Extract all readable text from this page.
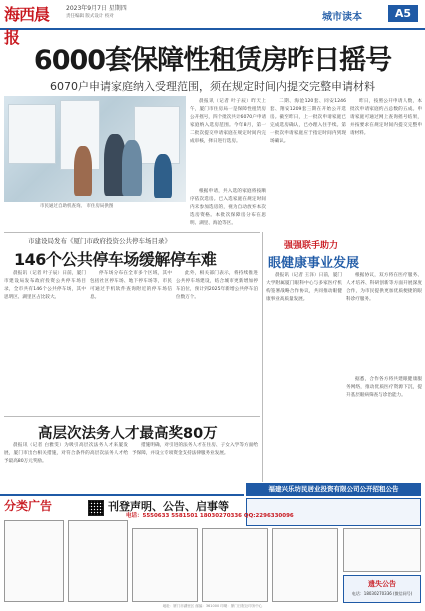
海西晨报
2023年9月7日 星期四
责任编辑 版式设计 校对	城市读本	A5
6000套保障性租赁房昨日摇号
6070户申请家庭纳入受理范围，须在规定时间内提交完整申请材料
市民通过自助机查询。 市住房局供图

晨报讯（记者 叶子辰）昨天上午，厦门市住房局一是保障性租赁房公开摇号，四个批次共计6070户申请家庭纳入选房范围。今年8月，第一二批次提交申请家庭在规定时间内完成审核，择日进行选房。

二期、海沧120套、同安1246套、翔安1209套三期在开始公开选房。截至昨日，上一批次申请家庭已完成选房确认，已办理入住手续。第一批次申请家庭应于指定时间内到现场确认。

昨日，按照公开申请人数，本批次申请家庭约占总数的五成。申请家庭可通过网上查询摇号结果，并按要求在规定时间内提交完整申请材料。

根据申请，共入选的家庭将按顺序依次选房。已入选家庭在规定时间内未参加选房的，视为自动放弃本次选房资格。本批次保障房分布在思明、湖里、海沧等区。

市建设局发布《厦门市政府投资公共停车场目录》
146个公共停车场缓解停车难

晨报讯（记者 叶子辰）日前，厦门市建设局发布政府投资公共停车场目录，全市共有146个公共停车场，其中思明区、湖里区占比较大。

停车场分布在全市多个区域，其中包括社区停车场、地下停车场等，市民可通过手机软件查询附近的停车场信息。

此外，相关部门表示，将持续推进公共停车场建设，结合城市更新增加停车泊位，预计到2025年新增公共停车泊位数万个。

强强联手助力
眼健康事业发展

晨报讯（记者 王泽）日前，厦门大学附属厦门眼科中心与多家医疗机构签署战略合作协议，共同推动眼健康事业高质量发展。

根据协议，双方将在医疗服务、人才培养、科研创新等方面开展深度合作，为市民提供更加优质便捷的眼科诊疗服务。

据悉，合作各方将共建眼健康服务网络，推动优质医疗资源下沉，提升基层眼病筛查与诊治能力。

高层次法务人才最高奖80万

晨报讯（记者 白雅雯）为吸引高层次法务人才来厦发展，厦门市出台相关措施，对符合条件的高层次法务人才给予最高80万元奖励。

措施明确，对引进的法务人才在住房、子女入学等方面给予保障，并设立专项资金支持法律服务业发展。

福建兴乐坊民居业投资有限公司公开招租公告
分类广告	刊登声明、公告、启事等
电话：5550633 5581501 18030270336 QQ:2296330096
遗失公告
电话：18030270336 (微信同号)
地址：厦门市湖里区 邮编：361000 印刷：厦门日报社印务中心
